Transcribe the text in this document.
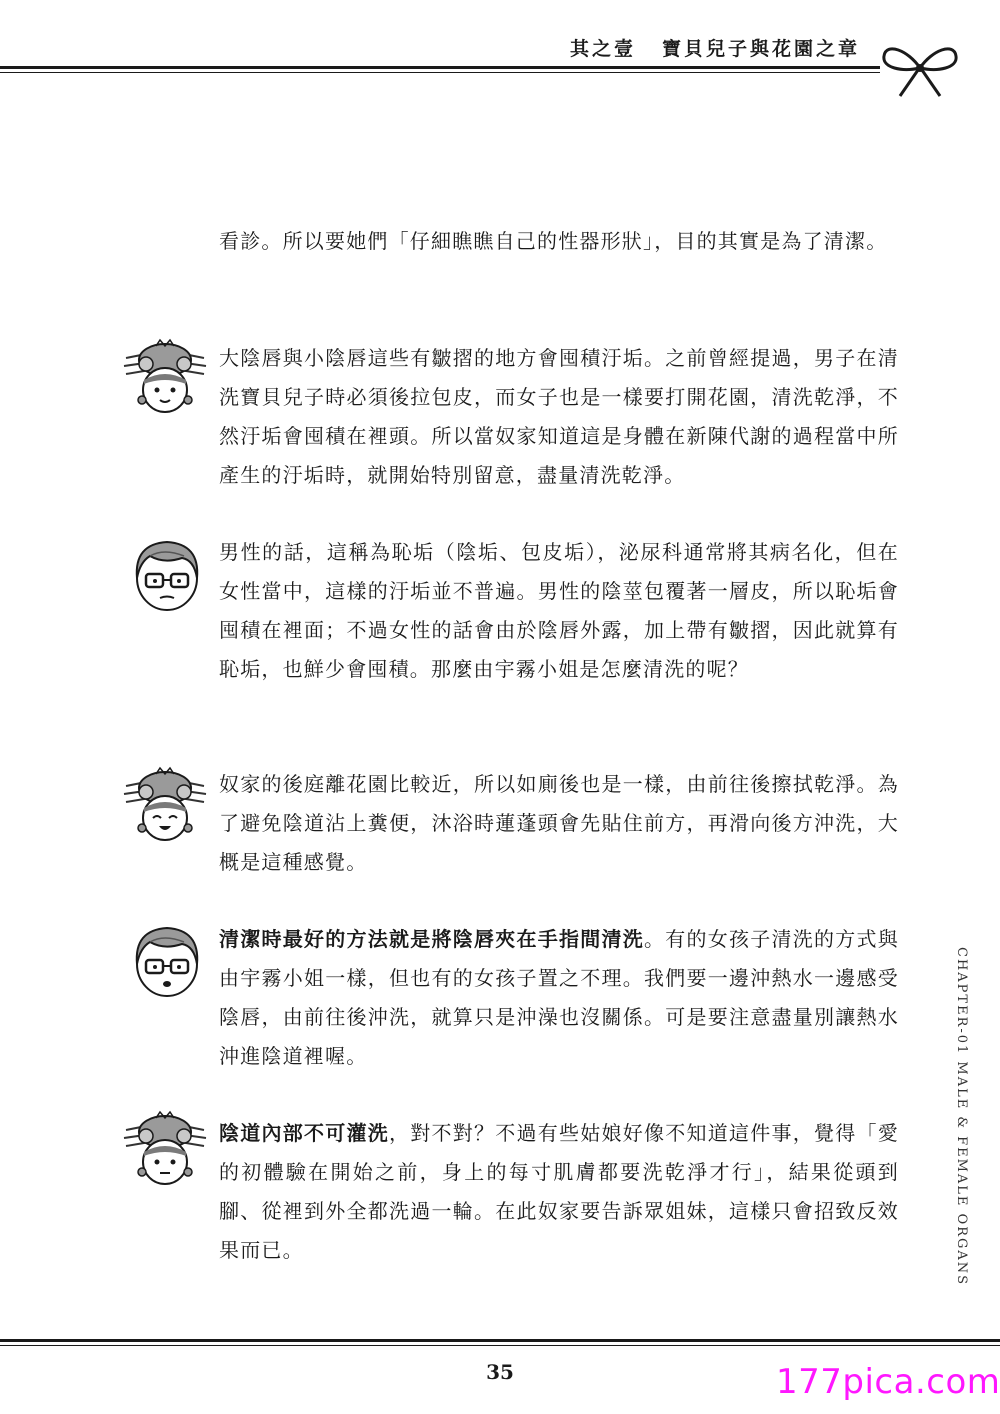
其之壹 寶貝兒子與花園之章
看診。所以要她們「仔細瞧瞧自己的性器形狀」，目的其實是為了清潔。
大陰唇與小陰唇這些有皺摺的地方會囤積汙垢。之前曾經提過，男子在清洗寶貝兒子時必須後拉包皮，而女子也是一樣要打開花園，清洗乾淨，不然汙垢會囤積在裡頭。所以當奴家知道這是身體在新陳代謝的過程當中所產生的汙垢時，就開始特別留意，盡量清洗乾淨。
男性的話，這稱為恥垢（陰垢、包皮垢），泌尿科通常將其病名化，但在女性當中，這樣的汙垢並不普遍。男性的陰莖包覆著一層皮，所以恥垢會囤積在裡面；不過女性的話會由於陰唇外露，加上帶有皺摺，因此就算有恥垢，也鮮少會囤積。那麼由宇霧小姐是怎麼清洗的呢？
奴家的後庭離花園比較近，所以如廁後也是一樣，由前往後擦拭乾淨。為了避免陰道沾上糞便，沐浴時蓮蓬頭會先貼住前方，再滑向後方沖洗，大概是這種感覺。
清潔時最好的方法就是將陰唇夾在手指間清洗。有的女孩子清洗的方式與由宇霧小姐一樣，但也有的女孩子置之不理。我們要一邊沖熱水一邊感受陰唇，由前往後沖洗，就算只是沖澡也沒關係。可是要注意盡量別讓熱水沖進陰道裡喔。
陰道內部不可灌洗，對不對？不過有些姑娘好像不知道這件事，覺得「愛的初體驗在開始之前，身上的每寸肌膚都要洗乾淨才行」，結果從頭到腳、從裡到外全都洗過一輪。在此奴家要告訴眾姐妹，這樣只會招致反效果而已。	CHAPTER-01 MALE & FEMALE ORGANS
35	177pica.com
